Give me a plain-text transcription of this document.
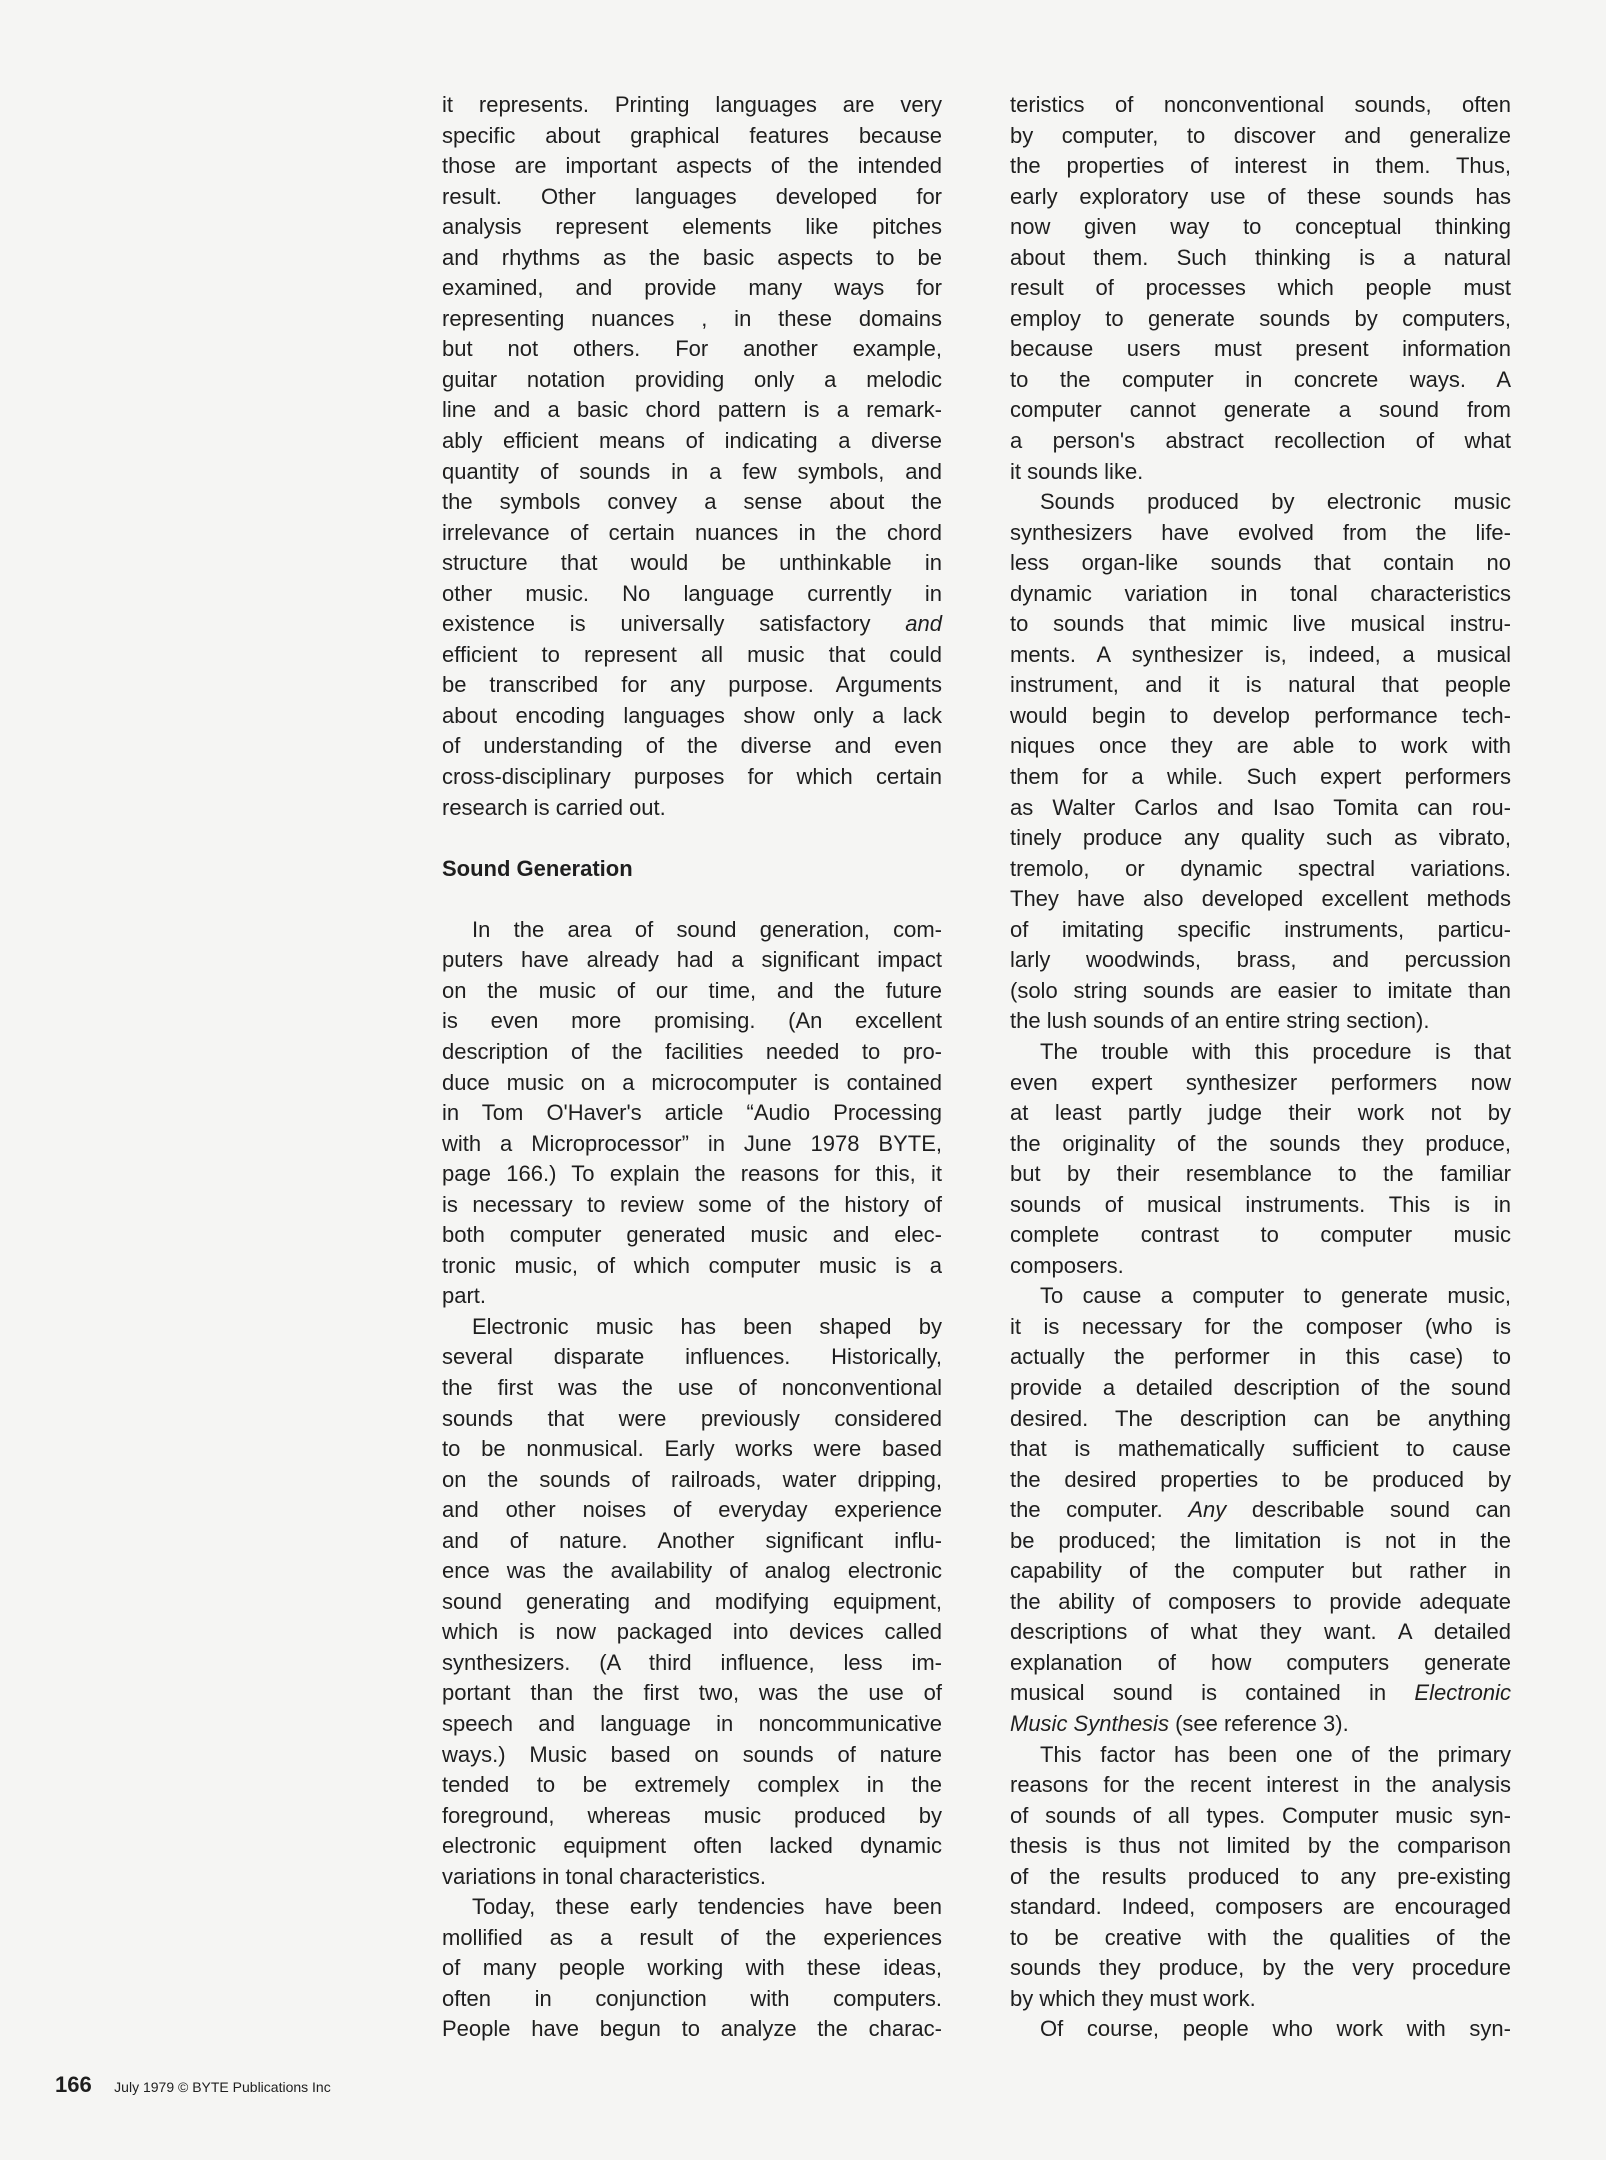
it represents. Printing languages are very
specific about graphical features because
those are important aspects of the intended
result. Other languages developed for
analysis represent elements like pitches
and rhythms as the basic aspects to be
examined, and provide many ways for
representing nuances , in these domains
but not others. For another example,
guitar notation providing only a melodic
line and a basic chord pattern is a remark-
ably efficient means of indicating a diverse
quantity of sounds in a few symbols, and
the symbols convey a sense about the
irrelevance of certain nuances in the chord
structure that would be unthinkable in
other music. No language currently in
existence is universally satisfactory and
efficient to represent all music that could
be transcribed for any purpose. Arguments
about encoding languages show only a lack
of understanding of the diverse and even
cross-disciplinary purposes for which certain
research is carried out.
Sound Generation
In the area of sound generation, com-
puters have already had a significant impact
on the music of our time, and the future
is even more promising. (An excellent
description of the facilities needed to pro-
duce music on a microcomputer is contained
in Tom O'Haver's article “Audio Processing
with a Microprocessor” in June 1978 BYTE,
page 166.) To explain the reasons for this, it
is necessary to review some of the history of
both computer generated music and elec-
tronic music, of which computer music is a
part.
Electronic music has been shaped by
several disparate influences. Historically,
the first was the use of nonconventional
sounds that were previously considered
to be nonmusical. Early works were based
on the sounds of railroads, water dripping,
and other noises of everyday experience
and of nature. Another significant influ-
ence was the availability of analog electronic
sound generating and modifying equipment,
which is now packaged into devices called
synthesizers. (A third influence, less im-
portant than the first two, was the use of
speech and language in noncommunicative
ways.) Music based on sounds of nature
tended to be extremely complex in the
foreground, whereas music produced by
electronic equipment often lacked dynamic
variations in tonal characteristics.
Today, these early tendencies have been
mollified as a result of the experiences
of many people working with these ideas,
often in conjunction with computers.
People have begun to analyze the charac-
teristics of nonconventional sounds, often
by computer, to discover and generalize
the properties of interest in them. Thus,
early exploratory use of these sounds has
now given way to conceptual thinking
about them. Such thinking is a natural
result of processes which people must
employ to generate sounds by computers,
because users must present information
to the computer in concrete ways. A
computer cannot generate a sound from
a person's abstract recollection of what
it sounds like.
Sounds produced by electronic music
synthesizers have evolved from the life-
less organ-like sounds that contain no
dynamic variation in tonal characteristics
to sounds that mimic live musical instru-
ments. A synthesizer is, indeed, a musical
instrument, and it is natural that people
would begin to develop performance tech-
niques once they are able to work with
them for a while. Such expert performers
as Walter Carlos and Isao Tomita can rou-
tinely produce any quality such as vibrato,
tremolo, or dynamic spectral variations.
They have also developed excellent methods
of imitating specific instruments, particu-
larly woodwinds, brass, and percussion
(solo string sounds are easier to imitate than
the lush sounds of an entire string section).
The trouble with this procedure is that
even expert synthesizer performers now
at least partly judge their work not by
the originality of the sounds they produce,
but by their resemblance to the familiar
sounds of musical instruments. This is in
complete contrast to computer music
composers.
To cause a computer to generate music,
it is necessary for the composer (who is
actually the performer in this case) to
provide a detailed description of the sound
desired. The description can be anything
that is mathematically sufficient to cause
the desired properties to be produced by
the computer. Any describable sound can
be produced; the limitation is not in the
capability of the computer but rather in
the ability of composers to provide adequate
descriptions of what they want. A detailed
explanation of how computers generate
musical sound is contained in Electronic
Music Synthesis (see reference 3).
This factor has been one of the primary
reasons for the recent interest in the analysis
of sounds of all types. Computer music syn-
thesis is thus not limited by the comparison
of the results produced to any pre-existing
standard. Indeed, composers are encouraged
to be creative with the qualities of the
sounds they produce, by the very procedure
by which they must work.
Of course, people who work with syn-
166 July 1979 © BYTE Publications Inc
